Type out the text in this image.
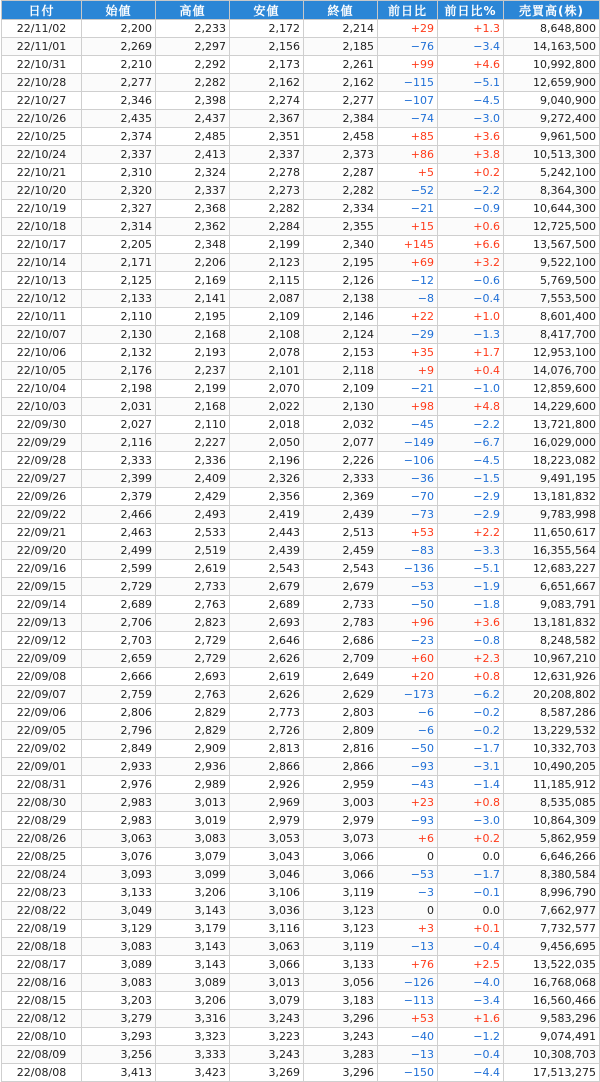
日付	始値	高値	安値	終値	前日比	前日比%	売買高(株)
22/11/02	2,200	2,233	2,172	2,214	+29	+1.3	8,648,800
22/11/01	2,269	2,297	2,156	2,185	−76	−3.4	14,163,500
22/10/31	2,210	2,292	2,173	2,261	+99	+4.6	10,992,800
22/10/28	2,277	2,282	2,162	2,162	−115	−5.1	12,659,900
22/10/27	2,346	2,398	2,274	2,277	−107	−4.5	9,040,900
22/10/26	2,435	2,437	2,367	2,384	−74	−3.0	9,272,400
22/10/25	2,374	2,485	2,351	2,458	+85	+3.6	9,961,500
22/10/24	2,337	2,413	2,337	2,373	+86	+3.8	10,513,300
22/10/21	2,310	2,324	2,278	2,287	+5	+0.2	5,242,100
22/10/20	2,320	2,337	2,273	2,282	−52	−2.2	8,364,300
22/10/19	2,327	2,368	2,282	2,334	−21	−0.9	10,644,300
22/10/18	2,314	2,362	2,284	2,355	+15	+0.6	12,725,500
22/10/17	2,205	2,348	2,199	2,340	+145	+6.6	13,567,500
22/10/14	2,171	2,206	2,123	2,195	+69	+3.2	9,522,100
22/10/13	2,125	2,169	2,115	2,126	−12	−0.6	5,769,500
22/10/12	2,133	2,141	2,087	2,138	−8	−0.4	7,553,500
22/10/11	2,110	2,195	2,109	2,146	+22	+1.0	8,601,400
22/10/07	2,130	2,168	2,108	2,124	−29	−1.3	8,417,700
22/10/06	2,132	2,193	2,078	2,153	+35	+1.7	12,953,100
22/10/05	2,176	2,237	2,101	2,118	+9	+0.4	14,076,700
22/10/04	2,198	2,199	2,070	2,109	−21	−1.0	12,859,600
22/10/03	2,031	2,168	2,022	2,130	+98	+4.8	14,229,600
22/09/30	2,027	2,110	2,018	2,032	−45	−2.2	13,721,800
22/09/29	2,116	2,227	2,050	2,077	−149	−6.7	16,029,000
22/09/28	2,333	2,336	2,196	2,226	−106	−4.5	18,223,082
22/09/27	2,399	2,409	2,326	2,333	−36	−1.5	9,491,195
22/09/26	2,379	2,429	2,356	2,369	−70	−2.9	13,181,832
22/09/22	2,466	2,493	2,419	2,439	−73	−2.9	9,783,998
22/09/21	2,463	2,533	2,443	2,513	+53	+2.2	11,650,617
22/09/20	2,499	2,519	2,439	2,459	−83	−3.3	16,355,564
22/09/16	2,599	2,619	2,543	2,543	−136	−5.1	12,683,227
22/09/15	2,729	2,733	2,679	2,679	−53	−1.9	6,651,667
22/09/14	2,689	2,763	2,689	2,733	−50	−1.8	9,083,791
22/09/13	2,706	2,823	2,693	2,783	+96	+3.6	13,181,832
22/09/12	2,703	2,729	2,646	2,686	−23	−0.8	8,248,582
22/09/09	2,659	2,729	2,626	2,709	+60	+2.3	10,967,210
22/09/08	2,666	2,693	2,619	2,649	+20	+0.8	12,631,926
22/09/07	2,759	2,763	2,626	2,629	−173	−6.2	20,208,802
22/09/06	2,806	2,829	2,773	2,803	−6	−0.2	8,587,286
22/09/05	2,796	2,829	2,726	2,809	−6	−0.2	13,229,532
22/09/02	2,849	2,909	2,813	2,816	−50	−1.7	10,332,703
22/09/01	2,933	2,936	2,866	2,866	−93	−3.1	10,490,205
22/08/31	2,976	2,989	2,926	2,959	−43	−1.4	11,185,912
22/08/30	2,983	3,013	2,969	3,003	+23	+0.8	8,535,085
22/08/29	2,983	3,019	2,979	2,979	−93	−3.0	10,864,309
22/08/26	3,063	3,083	3,053	3,073	+6	+0.2	5,862,959
22/08/25	3,076	3,079	3,043	3,066	0	0.0	6,646,266
22/08/24	3,093	3,099	3,046	3,066	−53	−1.7	8,380,584
22/08/23	3,133	3,206	3,106	3,119	−3	−0.1	8,996,790
22/08/22	3,049	3,143	3,036	3,123	0	0.0	7,662,977
22/08/19	3,129	3,179	3,116	3,123	+3	+0.1	7,732,577
22/08/18	3,083	3,143	3,063	3,119	−13	−0.4	9,456,695
22/08/17	3,089	3,143	3,066	3,133	+76	+2.5	13,522,035
22/08/16	3,083	3,089	3,013	3,056	−126	−4.0	16,768,068
22/08/15	3,203	3,206	3,079	3,183	−113	−3.4	16,560,466
22/08/12	3,279	3,316	3,243	3,296	+53	+1.6	9,583,296
22/08/10	3,293	3,323	3,223	3,243	−40	−1.2	9,074,491
22/08/09	3,256	3,333	3,243	3,283	−13	−0.4	10,308,703
22/08/08	3,413	3,423	3,269	3,296	−150	−4.4	17,513,275
